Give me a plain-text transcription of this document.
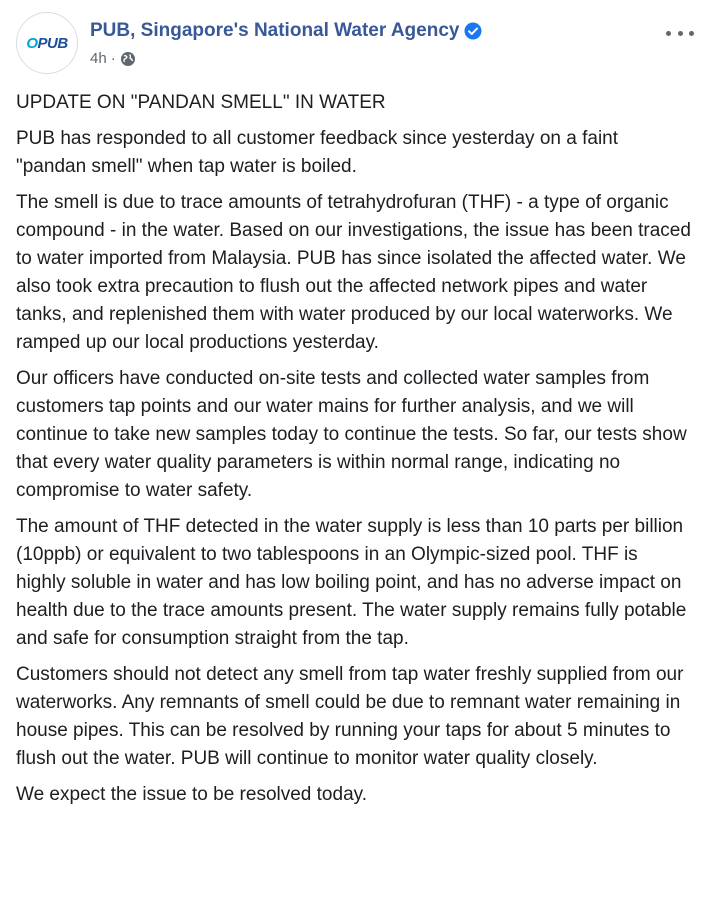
OPUB
PUB, Singapore's National Water Agency
4h ·

UPDATE ON "PANDAN SMELL" IN WATER

PUB has responded to all customer feedback since yesterday on a faint "pandan smell" when tap water is boiled.

The smell is due to trace amounts of tetrahydrofuran (THF) - a type of organic compound - in the water. Based on our investigations, the issue has been traced to water imported from Malaysia. PUB has since isolated the affected water. We also took extra precaution to flush out the affected network pipes and water tanks, and replenished them with water produced by our local waterworks. We ramped up our local productions yesterday.

Our officers have conducted on-site tests and collected water samples from customers tap points and our water mains for further analysis, and we will continue to take new samples today to continue the tests. So far, our tests show that every water quality parameters is within normal range, indicating no compromise to water safety.

The amount of THF detected in the water supply is less than 10 parts per billion (10ppb) or equivalent to two tablespoons in an Olympic-sized pool. THF is highly soluble in water and has low boiling point, and has no adverse impact on health due to the trace amounts present. The water supply remains fully potable and safe for consumption straight from the tap.

Customers should not detect any smell from tap water freshly supplied from our waterworks. Any remnants of smell could be due to remnant water remaining in house pipes. This can be resolved by running your taps for about 5 minutes to flush out the water. PUB will continue to monitor water quality closely.

We expect the issue to be resolved today.
